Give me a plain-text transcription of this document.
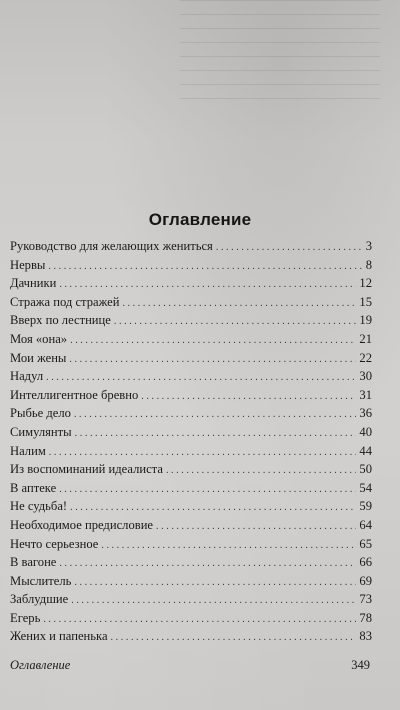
Оглавление
Руководство для желающих жениться .....	3
Нервы .....	8
Дачники .....	12
Стража под стражей .....	15
Вверх по лестнице .....	19
Моя «она» .....	21
Мои жены .....	22
Надул .....	30
Интеллигентное бревно .....	31
Рыбье дело .....	36
Симулянты .....	40
Налим .....	44
Из воспоминаний идеалиста .....	50
В аптеке .....	54
Не судьба! .....	59
Необходимое предисловие .....	64
Нечто серьезное .....	65
В вагоне .....	66
Мыслитель .....	69
Заблудшие .....	73
Егерь .....	78
Жених и папенька .....	83
Оглавление	349
